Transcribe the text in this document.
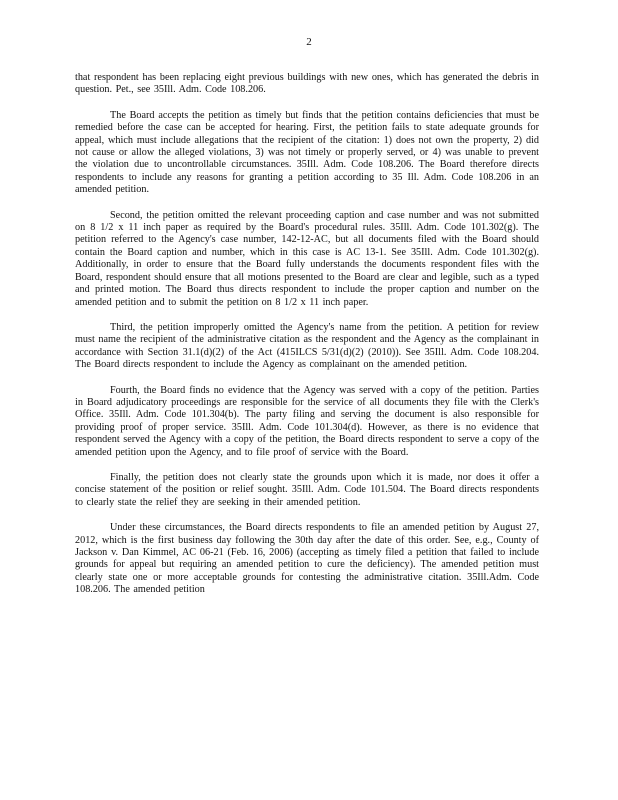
2

that respondent has been replacing eight previous buildings with new ones, which has generated the debris in question. Pet., see 35Ill. Adm. Code 108.206.

The Board accepts the petition as timely but finds that the petition contains deficiencies that must be remedied before the case can be accepted for hearing. First, the petition fails to state adequate grounds for appeal, which must include allegations that the recipient of the citation: 1) does not own the property, 2) did not cause or allow the alleged violations, 3) was not timely or properly served, or 4) was unable to prevent the violation due to uncontrollable circumstances. 35Ill. Adm. Code 108.206. The Board therefore directs respondents to include any reasons for granting a petition according to 35 Ill. Adm. Code 108.206 in an amended petition.

Second, the petition omitted the relevant proceeding caption and case number and was not submitted on 8 1/2 x 11 inch paper as required by the Board's procedural rules. 35Ill. Adm. Code 101.302(g). The petition referred to the Agency's case number, 142-12-AC, but all documents filed with the Board should contain the Board caption and number, which in this case is AC 13-1. See 35Ill. Adm. Code 101.302(g). Additionally, in order to ensure that the Board fully understands the documents respondent files with the Board, respondent should ensure that all motions presented to the Board are clear and legible, such as a typed and printed motion. The Board thus directs respondent to include the proper caption and number on the amended petition and to submit the petition on 8 1/2 x 11 inch paper.

Third, the petition improperly omitted the Agency's name from the petition. A petition for review must name the recipient of the administrative citation as the respondent and the Agency as the complainant in accordance with Section 31.1(d)(2) of the Act (415ILCS 5/31(d)(2) (2010)). See 35Ill. Adm. Code 108.204. The Board directs respondent to include the Agency as complainant on the amended petition.

Fourth, the Board finds no evidence that the Agency was served with a copy of the petition. Parties in Board adjudicatory proceedings are responsible for the service of all documents they file with the Clerk's Office. 35Ill. Adm. Code 101.304(b). The party filing and serving the document is also responsible for providing proof of proper service. 35Ill. Adm. Code 101.304(d). However, as there is no evidence that respondent served the Agency with a copy of the petition, the Board directs respondent to serve a copy of the amended petition upon the Agency, and to file proof of service with the Board.

Finally, the petition does not clearly state the grounds upon which it is made, nor does it offer a concise statement of the position or relief sought. 35Ill. Adm. Code 101.504. The Board directs respondents to clearly state the relief they are seeking in their amended petition.

Under these circumstances, the Board directs respondents to file an amended petition by August 27, 2012, which is the first business day following the 30th day after the date of this order. See, e.g., County of Jackson v. Dan Kimmel, AC 06-21 (Feb. 16, 2006) (accepting as timely filed a petition that failed to include grounds for appeal but requiring an amended petition to cure the deficiency). The amended petition must clearly state one or more acceptable grounds for contesting the administrative citation. 35Ill.Adm. Code 108.206. The amended petition
